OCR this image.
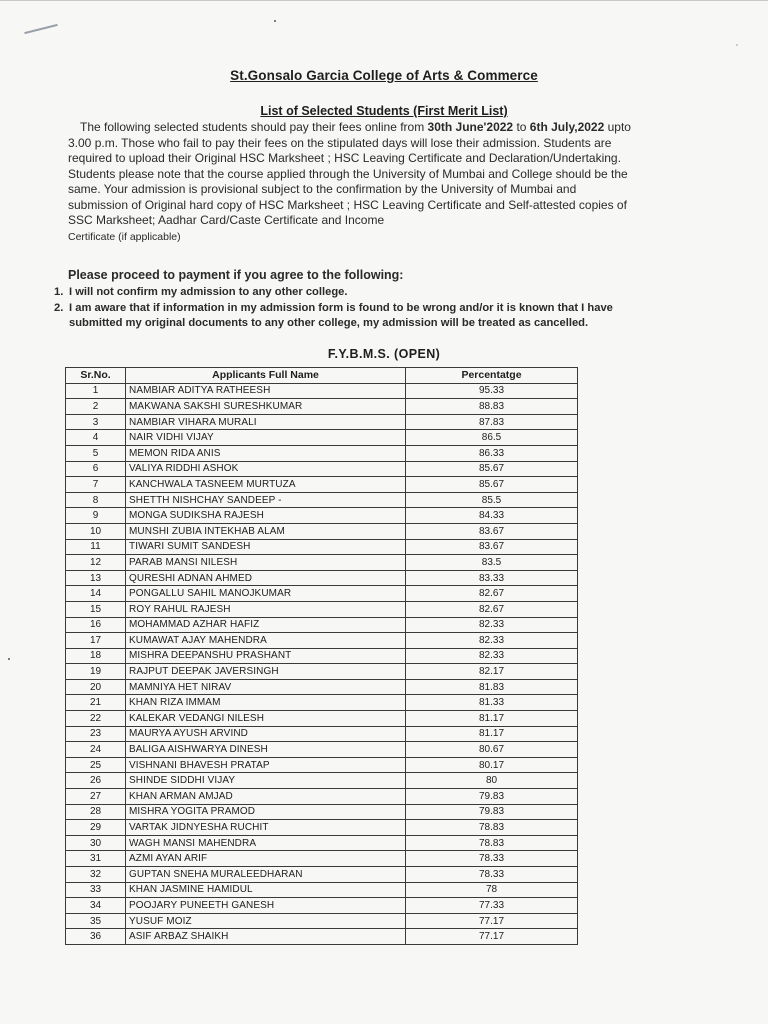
St.Gonsalo Garcia College of Arts & Commerce
List of Selected Students (First Merit List)

The following selected students should pay their fees online from 30th June'2022 to 6th July,2022 upto 3.00 p.m. Those who fail to pay their fees on the stipulated days will lose their admission. Students are required to upload their Original HSC Marksheet ; HSC Leaving Certificate and Declaration/Undertaking. Students please note that the course applied through the University of Mumbai and College should be the same. Your admission is provisional subject to the confirmation by the University of Mumbai and submission of Original hard copy of HSC Marksheet ; HSC Leaving Certificate and Self-attested copies of SSC Marksheet; Aadhar Card/Caste Certificate and Income
Certificate (if applicable)

Please proceed to payment if you agree to the following:
1. I will not confirm my admission to any other college.
2. I am aware that if information in my admission form is found to be wrong and/or it is known that I have submitted my original documents to any other college, my admission will be treated as cancelled.
F.Y.B.M.S. (OPEN)
Sr.No.	Applicants Full Name	Percentatge
1	NAMBIAR ADITYA RATHEESH	95.33
2	MAKWANA SAKSHI SURESHKUMAR	88.83
3	NAMBIAR VIHARA MURALI	87.83
4	NAIR VIDHI VIJAY	86.5
5	MEMON RIDA ANIS	86.33
6	VALIYA RIDDHI ASHOK	85.67
7	KANCHWALA TASNEEM MURTUZA	85.67
8	SHETTH NISHCHAY SANDEEP -	85.5
9	MONGA SUDIKSHA RAJESH	84.33
10	MUNSHI ZUBIA INTEKHAB ALAM	83.67
11	TIWARI SUMIT SANDESH	83.67
12	PARAB MANSI NILESH	83.5
13	QURESHI ADNAN AHMED	83.33
14	PONGALLU SAHIL MANOJKUMAR	82.67
15	ROY RAHUL RAJESH	82.67
16	MOHAMMAD AZHAR HAFIZ	82.33
17	KUMAWAT AJAY MAHENDRA	82.33
18	MISHRA DEEPANSHU PRASHANT	82.33
19	RAJPUT DEEPAK JAVERSINGH	82.17
20	MAMNIYA HET NIRAV	81.83
21	KHAN RIZA IMMAM	81.33
22	KALEKAR VEDANGI NILESH	81.17
23	MAURYA AYUSH ARVIND	81.17
24	BALIGA AISHWARYA DINESH	80.67
25	VISHNANI BHAVESH PRATAP	80.17
26	SHINDE SIDDHI VIJAY	80
27	KHAN ARMAN AMJAD	79.83
28	MISHRA YOGITA PRAMOD	79.83
29	VARTAK JIDNYESHA RUCHIT	78.83
30	WAGH MANSI MAHENDRA	78.83
31	AZMI AYAN ARIF	78.33
32	GUPTAN SNEHA MURALEEDHARAN	78.33
33	KHAN JASMINE HAMIDUL	78
34	POOJARY PUNEETH GANESH	77.33
35	YUSUF MOIZ	77.17
36	ASIF ARBAZ SHAIKH	77.17
